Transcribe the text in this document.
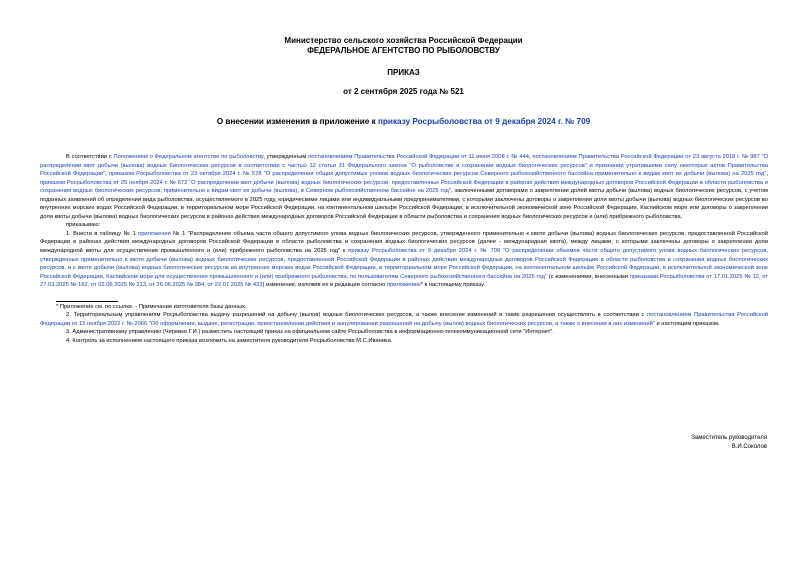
Министерство сельского хозяйства Российской Федерации
ФЕДЕРАЛЬНОЕ АГЕНТСТВО ПО РЫБОЛОВСТВУ
ПРИКАЗ
от 2 сентября 2025 года № 521
О внесении изменения в приложение к приказу Росрыболовства от 9 декабря 2024 г. № 709

В соответствии с Положением о Федеральном агентстве по рыболовству, утвержденным постановлением Правительства Российской Федерации от 11 июня 2008 г. № 444, постановлением Правительства Российской Федерации от 23 августа 2018 г. № 987 "О распределении квот добычи (вылова) водных биологических ресурсов в соответствии с частью 12 статьи 31 Федерального закона "О рыболовстве и сохранении водных биологических ресурсов" и признании утратившими силу некоторых актов Правительства Российской Федерации", приказом Росрыболовства от 23 октября 2024 г. № 578 "О распределении общих допустимых уловов водных биологических ресурсов Северного рыбохозяйственного бассейна применительно к видам квот их добычи (вылова) на 2025 год", приказом Росрыболовства от 25 ноября 2024 г. № 672 "О распределении квот добычи (вылова) водных биологических ресурсов, предоставленных Российской Федерации в районах действия международных договоров Российской Федерации в области рыболовства и сохранения водных биологических ресурсов, применительно к видам квот их добычи (вылова), в Северном рыбохозяйственном бассейне на 2025 год", заключенными договорами о закреплении долей квоты добычи (вылова) водных биологических ресурсов, с учетом поданных заявлений об определении вида рыболовства, осуществляемого в 2025 году, юридическими лицами или индивидуальными предпринимателями, с которыми заключены договоры о закреплении доли квоты добычи (вылова) водных биологических ресурсов во внутренних морских водах Российской Федерации, в территориальном море Российской Федерации, на континентальном шельфе Российской Федерации, в исключительной экономической зоне Российской Федерации, Каспийском море или договоры о закреплении доли квоты добычи (вылова) водных биологических ресурсов в районах действия международных договоров Российской Федерации в области рыболовства и сохранения водных биологических ресурсов и (или) прибрежного рыболовства,

приказываю:

1. Внести в таблицу № 1 приложения № 1 "Распределение объема части общего допустимого улова водных биологических ресурсов, утвержденного применительно к квоте добычи (вылова) водных биологических ресурсов, предоставленной Российской Федерации в районах действия международных договоров Российской Федерации в области рыболовства и сохранения водных биологических ресурсов (далее - международная квота), между лицами, с которыми заключены договоры о закреплении доли международной квоты для осуществления промышленного и (или) прибрежного рыболовства на 2025 год" к приказу Росрыболовства от 9 декабря 2024 г. № 709 "О распределении объемов части общего допустимого улова водных биологических ресурсов, утвержденных применительно к квоте добычи (вылова) водных биологических ресурсов, предоставленной Российской Федерации в районах действия международных договоров Российской Федерации в области рыболовства и сохранения водных биологических ресурсов, и к квоте добычи (вылова) водных биологических ресурсов во внутренних морских водах Российской Федерации, в территориальном море Российской Федерации, на континентальном шельфе Российской Федерации, в исключительной экономической зоне Российской Федерации, Каспийском море для осуществления промышленного и (или) прибрежного рыболовства, по пользователям Северного рыбохозяйственного бассейна на 2025 год" (с изменениями, внесенными приказами Росрыболовства от 17.01.2025 № 12, от 27.03.2025 № 162, от 02.06.2025 № 313, от 26.06.2025 № 384, от 22.07.2025 № 433) изменение, изложив ее в редакции согласно приложению* к настоящему приказу.

* Приложение см. по ссылке. - Примечание изготовителя базы данных.

2. Территориальным управлениям Росрыболовства выдачу разрешений на добычу (вылов) водных биологических ресурсов, а также внесение изменений в такие разрешения осуществлять в соответствии с постановлением Правительства Российской Федерации от 15 ноября 2022 г. № 2066 "Об оформлении, выдаче, регистрации, приостановлении действия и аннулировании разрешений на добычу (вылов) водных биологических ресурсов, а также о внесении в них изменений" и настоящим приказом.

3. Административному управлению (Черевко Г.И.) разместить настоящий приказ на официальном сайте Росрыболовства в информационно-телекоммуникационной сети "Интернет".

4. Контроль за исполнением настоящего приказа возложить на заместителя руководителя Росрыболовства М.С.Иваника.

Заместитель руководителя
В.И.Соколов
